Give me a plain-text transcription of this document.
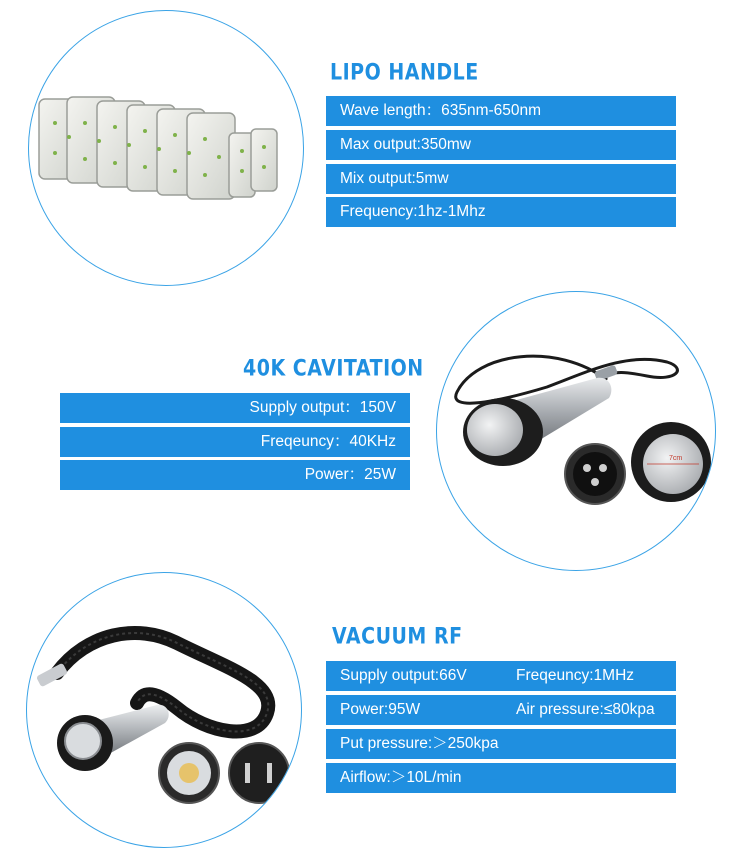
LIPO HANDLE
Wave length：635nm-650nm
Max output:350mw
Mix output:5mw
Frequency:1hz-1Mhz
40K CAVITATION
Supply output：150V
Freqeuncy：40KHz
Power：25W
7cm
VACUUM RF
Supply output:66V	Freqeuncy:1MHz
Power:95W	Air pressure:≤80kpa
Put pressure:＞250kpa
Airflow:＞10L/min
